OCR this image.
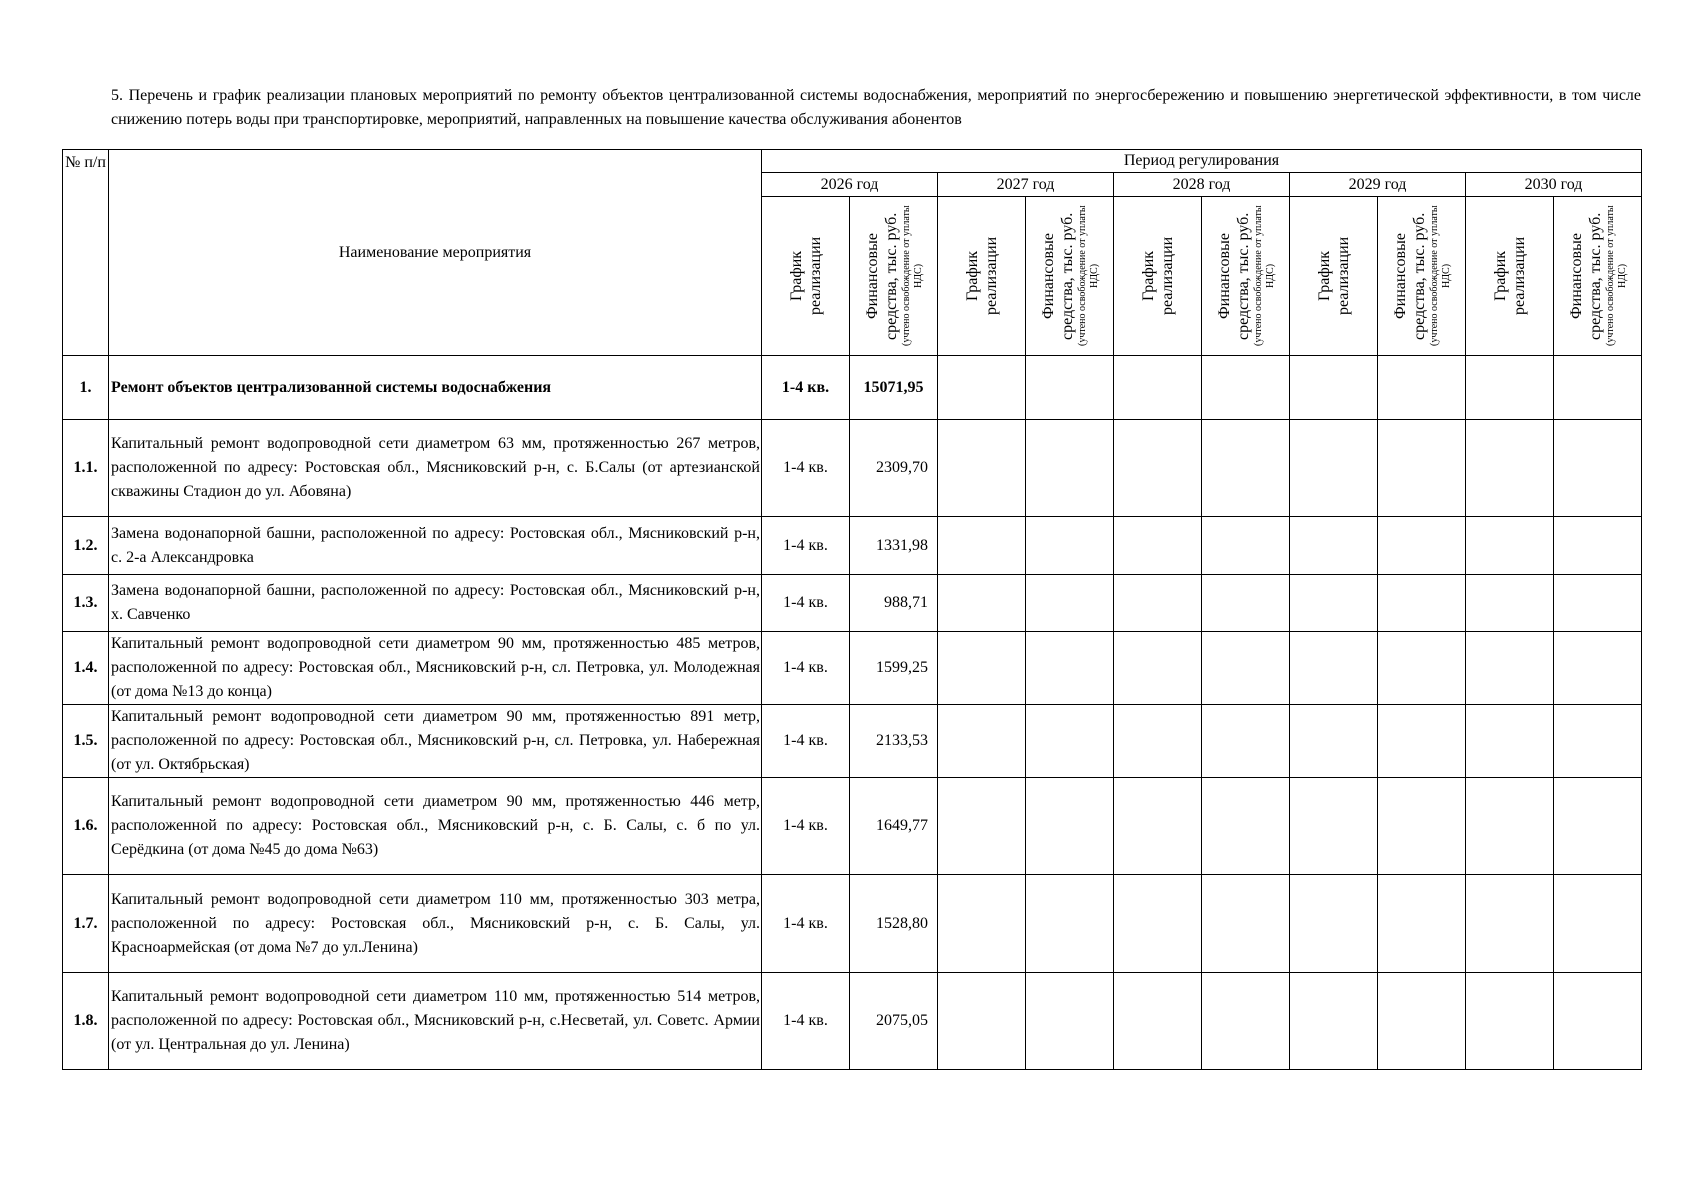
5. Перечень и график реализации плановых мероприятий по ремонту объектов централизованной системы водоснабжения, мероприятий по энергосбережению и повышению энергетической эффективности, в том числе снижению потерь воды при транспортировке, мероприятий, направленных на повышение качества обслуживания абонентов
№ п/п	Наименование мероприятия	Период регулирования									
		2026 год		2027 год		2028 год		2029 год		2030 год	

		График реализации	Финансовые средства, тыс. руб. (учтено освобождение от уплаты НДС)	График реализации	Финансовые средства, тыс. руб. (учтено освобождение от уплаты НДС)	График реализации	Финансовые средства, тыс. руб. (учтено освобождение от уплаты НДС)	График реализации	Финансовые средства, тыс. руб. (учтено освобождение от уплаты НДС)	График реализации	Финансовые средства, тыс. руб. (учтено освобождение от уплаты НДС)

1.	Ремонт объектов централизованной системы водоснабжения	1-4 кв.	15071,95								
1.1.	Капитальный ремонт водопроводной сети диаметром 63 мм, протяженностью 267 метров, расположенной по адресу: Ростовская обл., Мясниковский р-н, с. Б.Салы (от артезианской скважины Стадион до ул. Абовяна)	1-4 кв.	2309,70								
1.2.	Замена водонапорной башни, расположенной по адресу: Ростовская обл., Мясниковский р-н, с. 2-а Александровка	1-4 кв.	1331,98								
1.3.	Замена водонапорной башни, расположенной по адресу: Ростовская обл., Мясниковский р-н, х. Савченко	1-4 кв.	988,71								
1.4.	Капитальный ремонт водопроводной сети диаметром 90 мм, протяженностью 485 метров, расположенной по адресу: Ростовская обл., Мясниковский р-н, сл. Петровка, ул. Молодежная (от дома №13 до конца)	1-4 кв.	1599,25								
1.5.	Капитальный ремонт водопроводной сети диаметром 90 мм, протяженностью 891 метр, расположенной по адресу: Ростовская обл., Мясниковский р-н, сл. Петровка, ул. Набережная (от ул. Октябрьская)	1-4 кв.	2133,53								
1.6.	Капитальный ремонт водопроводной сети диаметром 90 мм, протяженностью 446 метр, расположенной по адресу: Ростовская обл., Мясниковский р-н, с. Б. Салы, с. б по ул. Серёдкина (от дома №45 до дома №63)	1-4 кв.	1649,77								
1.7.	Капитальный ремонт водопроводной сети диаметром 110 мм, протяженностью 303 метра, расположенной по адресу: Ростовская обл., Мясниковский р-н, с. Б. Салы, ул. Красноармейская (от дома №7 до ул.Ленина)	1-4 кв.	1528,80								
1.8.	Капитальный ремонт водопроводной сети диаметром 110 мм, протяженностью 514 метров, расположенной по адресу: Ростовская обл., Мясниковский р-н, с.Несветай, ул. Советс. Армии (от ул. Центральная до ул. Ленина)	1-4 кв.	2075,05								
